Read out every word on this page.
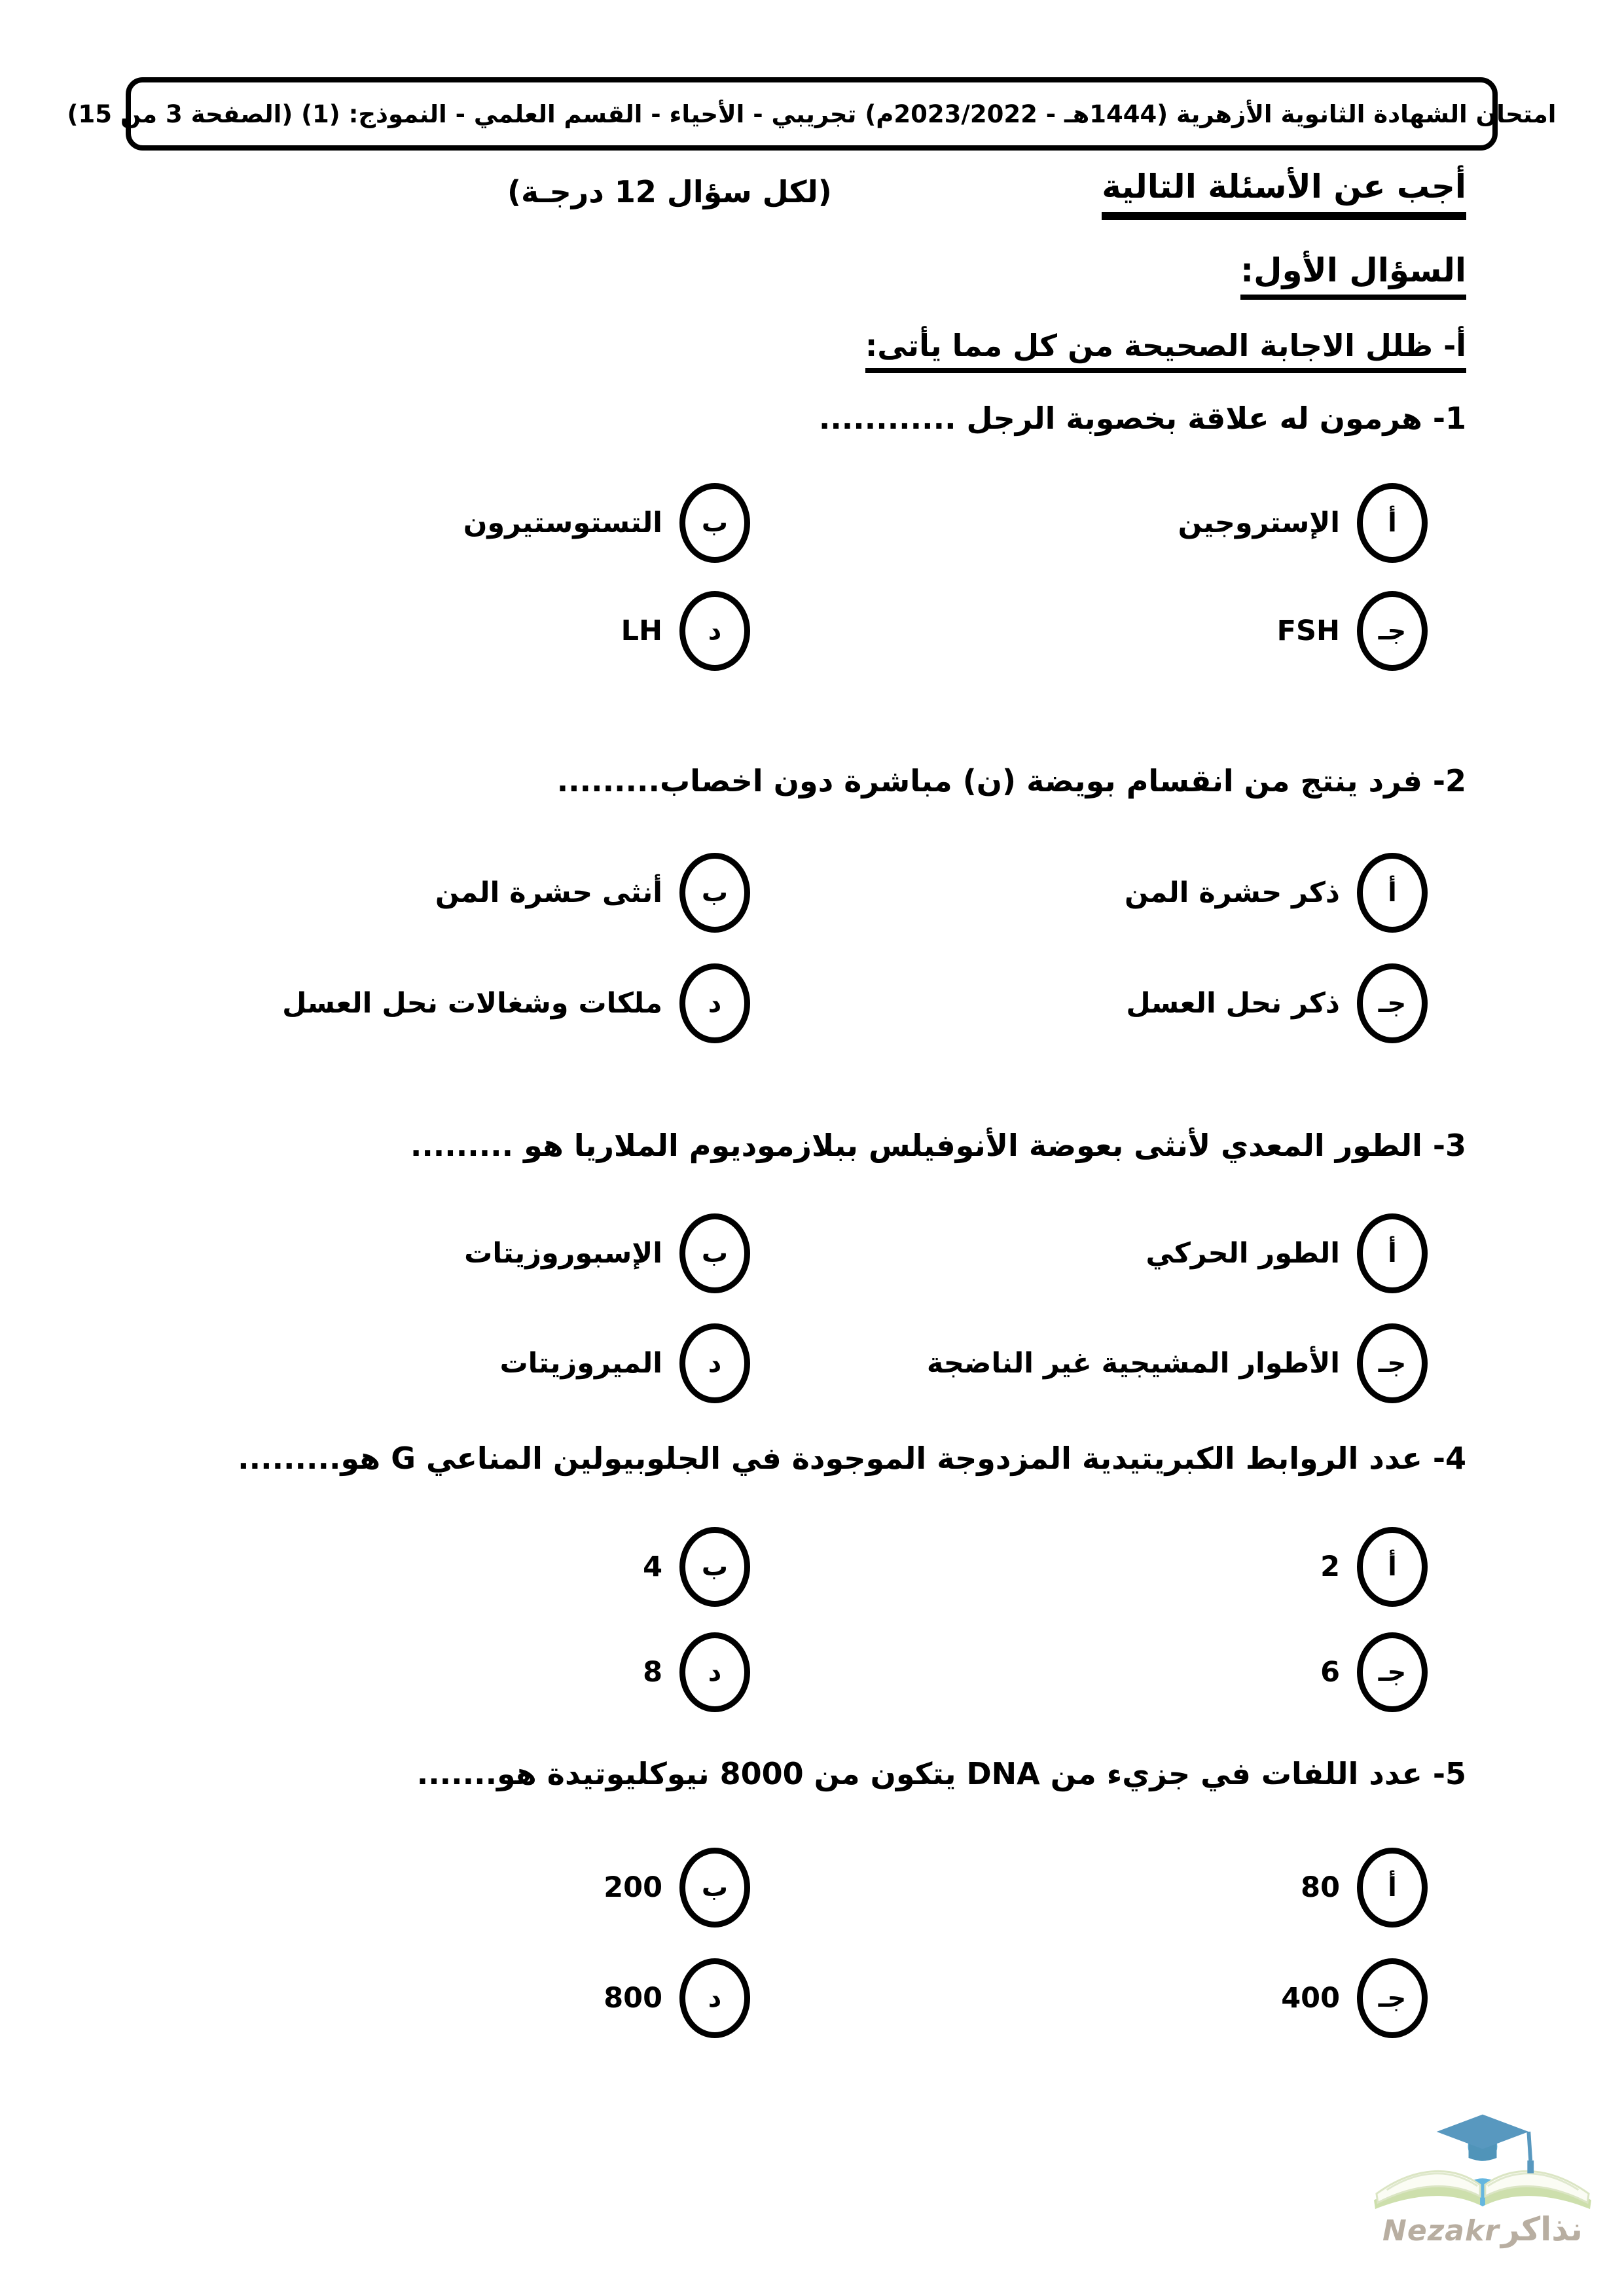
امتحان الشهادة الثانوية الأزهرية (1444هـ - 2023/2022م) تجريبي - الأحياء - القسم العلمي - النموذج: (1) (الصفحة 3 من 15)
أجب عن الأسئلة التالية
(لكل سؤال 12 درجـة)
السؤال الأول:
أ- ظلل الاجابة الصحيحة من كل مما يأتى:
1- هرمون له علاقة بخصوبة الرجل ............
أ
الإستروجين
ب
التستوستيرون
جـ
FSH
د
LH
2- فرد ينتج من انقسام بويضة (ن) مباشرة دون اخصاب.........
أ
ذكر حشرة المن
ب
أنثى حشرة المن
جـ
ذكر نحل العسل
د
ملكات وشغالات نحل العسل
3- الطور المعدي لأنثى بعوضة الأنوفيلس ببلازموديوم الملاريا هو .........
أ
الطور الحركي
ب
الإسبوروزيتات
جـ
الأطوار المشيجية غير الناضجة
د
الميروزيتات
4- عدد الروابط الكبريتيدية المزدوجة الموجودة في الجلوبيولين المناعي G هو.........
أ
2
ب
4
جـ
6
د
8
5- عدد اللفات في جزيء من DNA يتكون من 8000 نيوكليوتيدة هو.......
أ
80
ب
200
جـ
400
د
800
Nezakr نذاكر
